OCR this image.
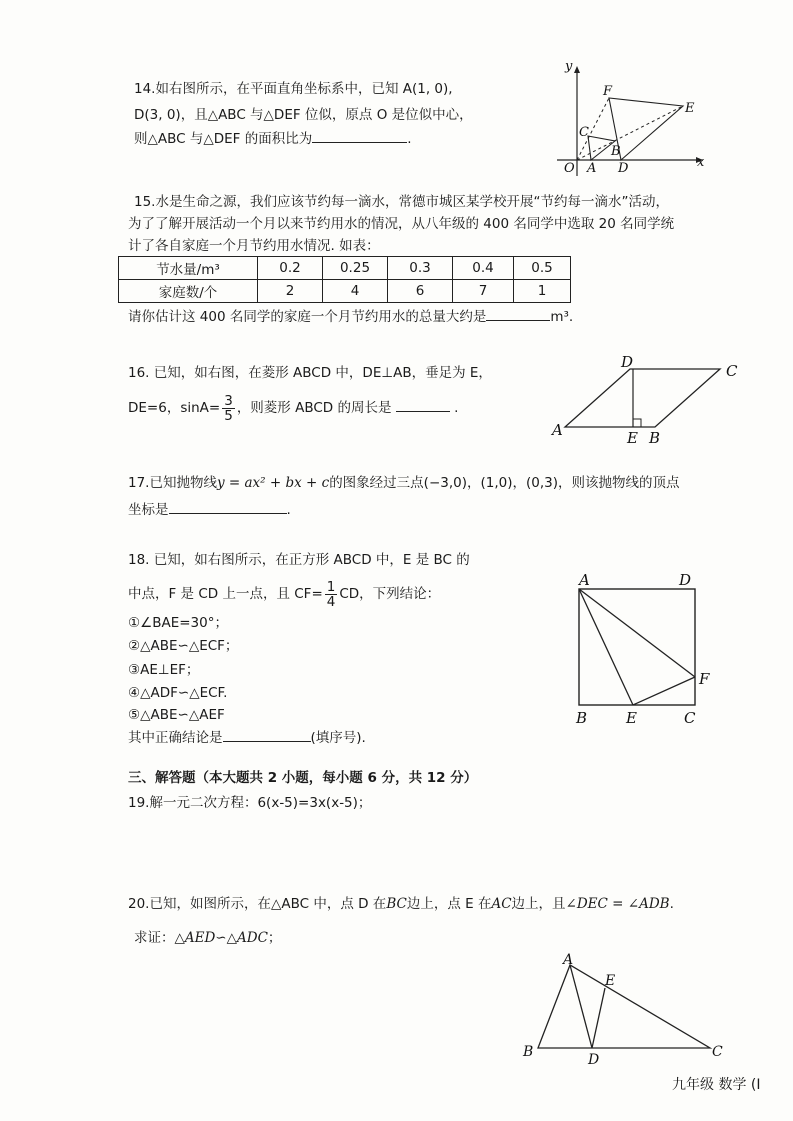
14.如右图所示，在平面直角坐标系中，已知 A(1, 0),
D(3, 0)，且△ABC 与△DEF 位似，原点 O 是位似中心，
则△ABC 与△DEF 的面积比为	.
y
x
O A D
B
C
E
F
15.水是生命之源，我们应该节约每一滴水，常德市城区某学校开展“节约每一滴水”活动，
为了了解开展活动一个月以来节约用水的情况，从八年级的 400 名同学中选取 20 名同学统
计了各自家庭一个月节约用水情况. 如表：
节水量/m³	0.2	0.25	0.3	0.4	0.5
家庭数/个	2	4	6	7	1
请你估计这 400 名同学的家庭一个月节约用水的总量大约是	m³.
16. 已知，如右图，在菱形 ABCD 中，DE⊥AB，垂足为 E，
DE=6，$\sin A= \frac{3}{5}$ ，则菱形 ABCD 的周长是	.
A	B
C
D
E
17.已知抛物线y = ax² + bx + c的图象经过三点(−3,0)，(1,0)，(0,3)，则该抛物线的顶点
坐标是	.
18. 已知，如右图所示，在正方形 ABCD 中，E 是 BC 的
中点，F 是 CD 上一点，且 $CF= \frac{1}{4}$ CD，下列结论：
①∠BAE=30°；
②△ABE∽△ECF；
③AE⊥EF；
④△ADF∽△ECF.
⑤△ABE∽△AEF
其中正确结论是	(填序号).
A	D
B	E	C
F
三、解答题（本大题共 2 小题，每小题 6 分，共 12 分）
19.解一元二次方程：6(x-5)=3x(x-5)；
20.已知，如图所示，在△ABC 中，点 D 在BC边上，点 E 在AC边上，且∠DEC = ∠ADB.
求证：△AED∽△ADC；
A
B	C
D
E
九年级 数学 (Ⅰ
